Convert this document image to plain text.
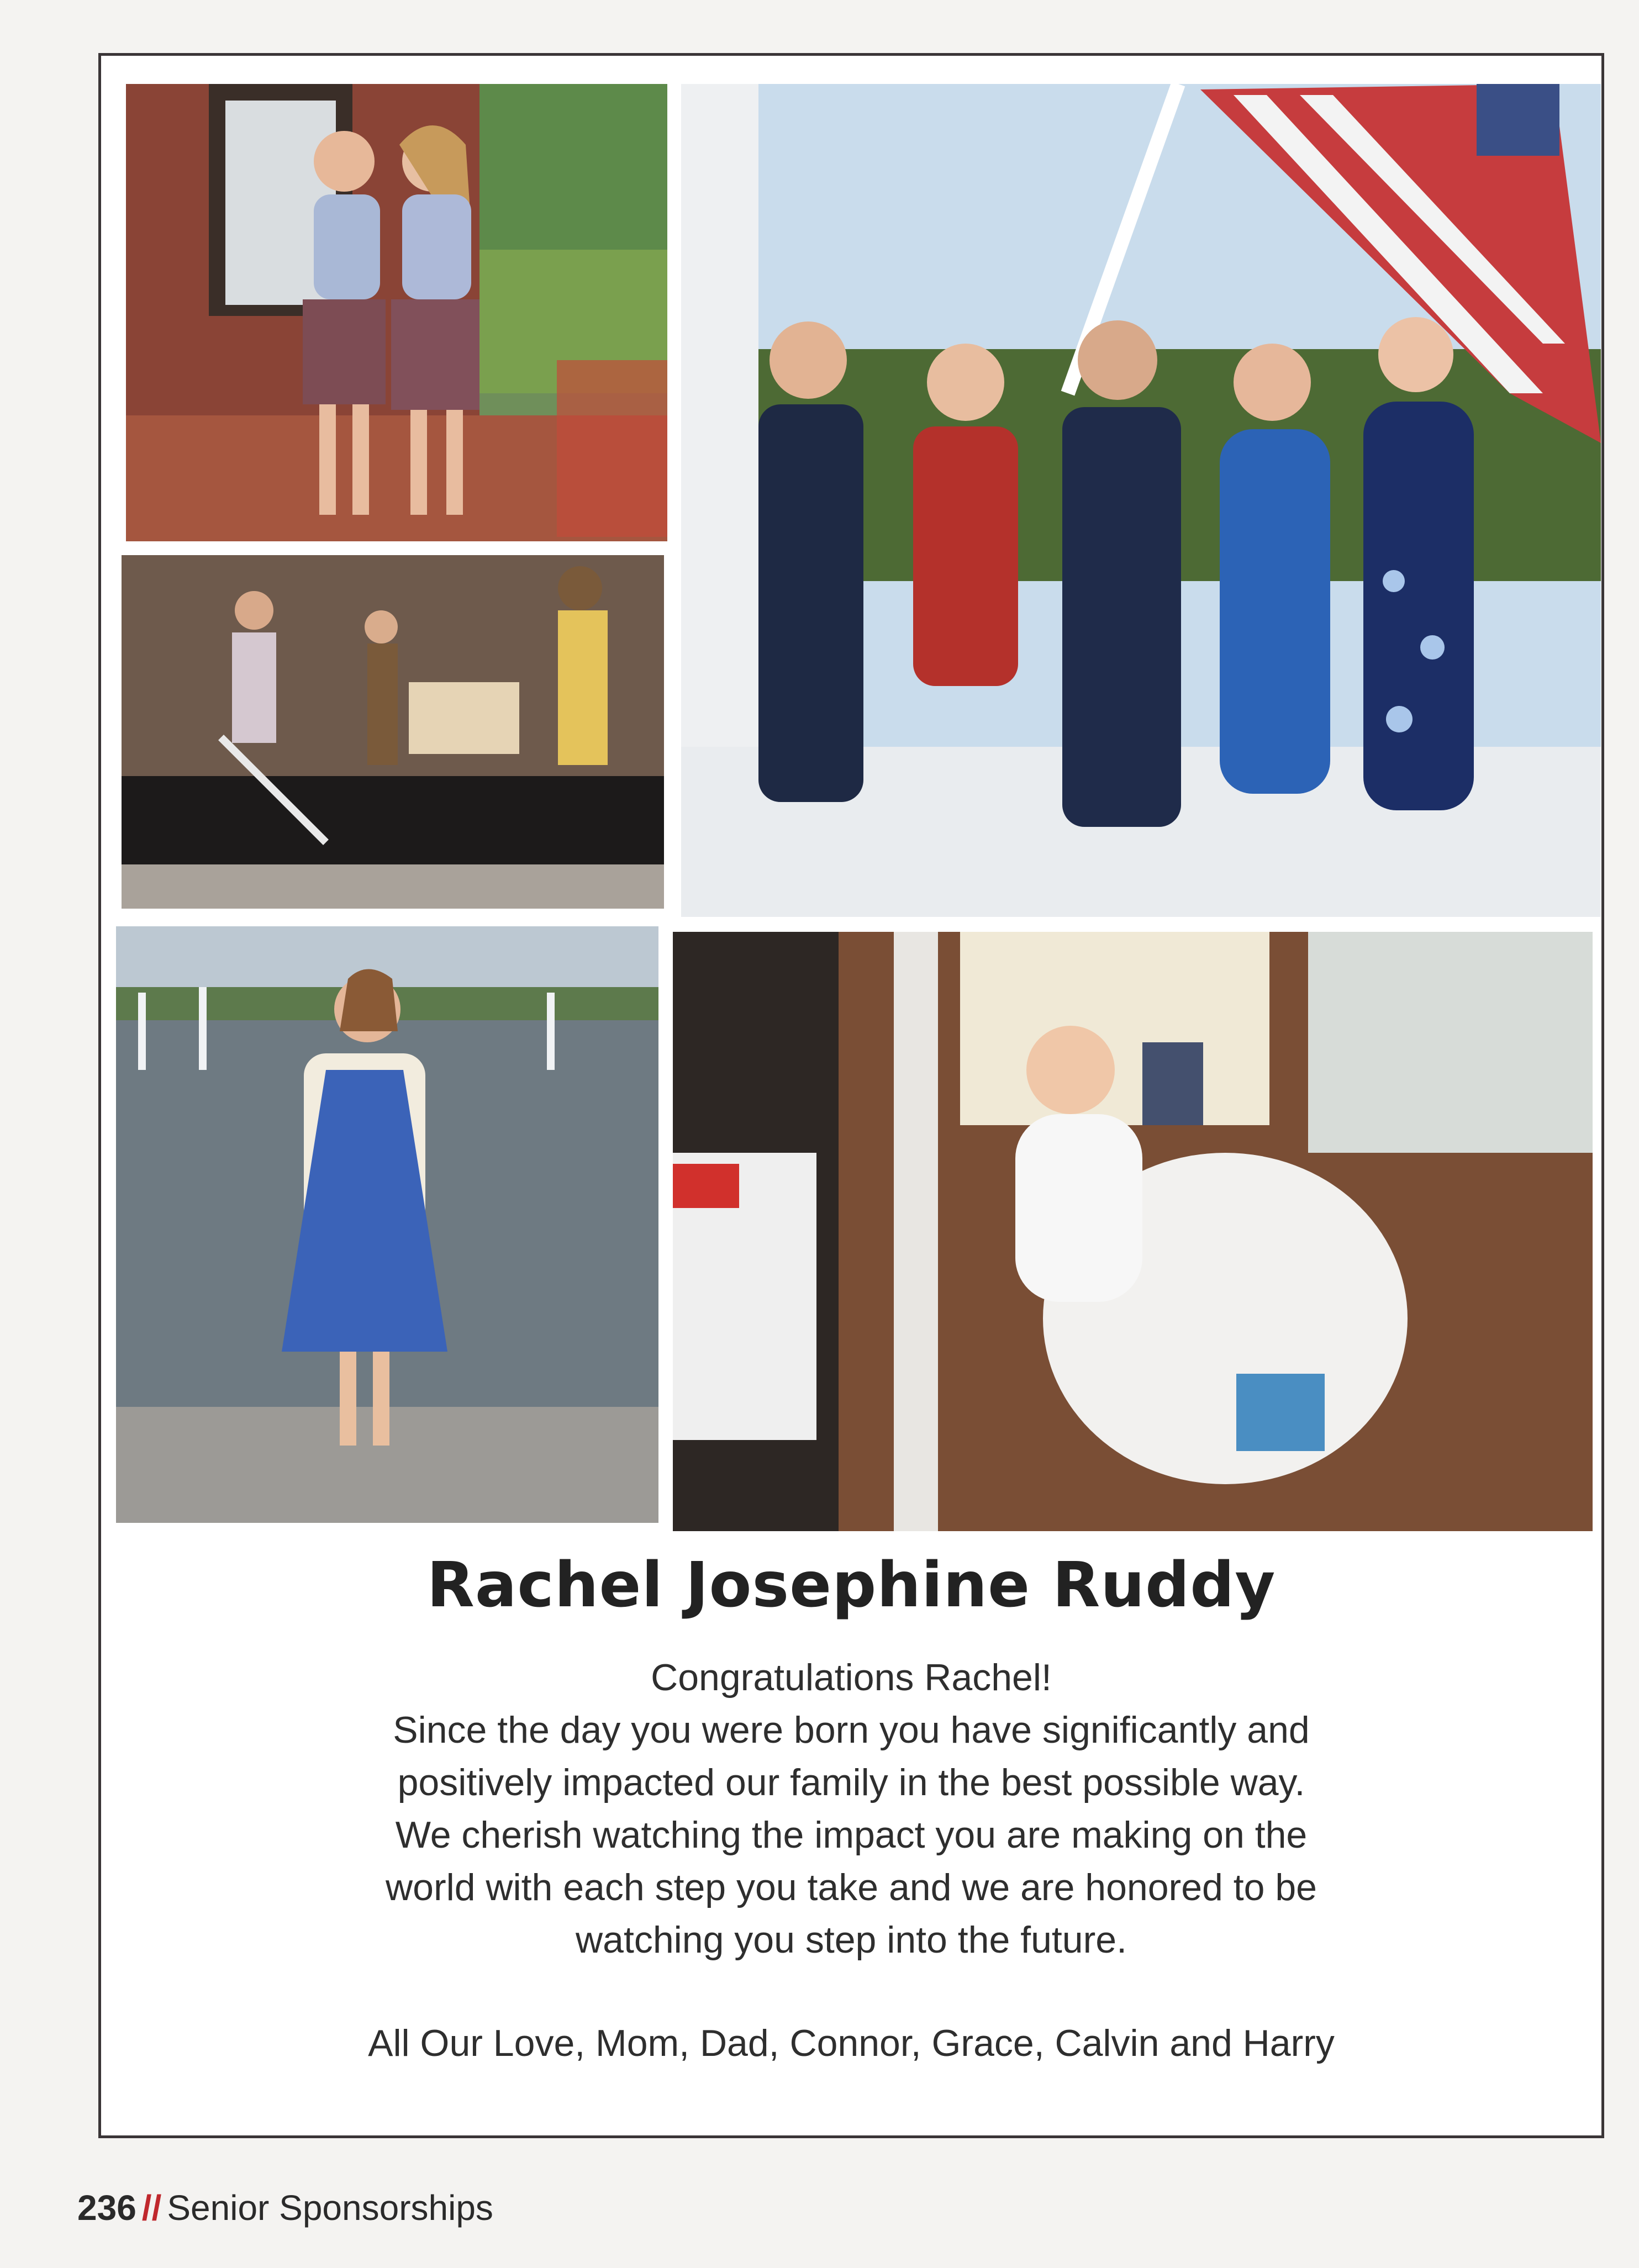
Rachel Josephine Ruddy
Congratulations Rachel!
Since the day you were born you have significantly and
positively impacted our family in the best possible way.
We cherish watching the impact you are making on the
world with each step you take and we are honored to be
watching you step into the future.
All Our Love, Mom, Dad, Connor, Grace, Calvin and Harry
236 // Senior Sponsorships
